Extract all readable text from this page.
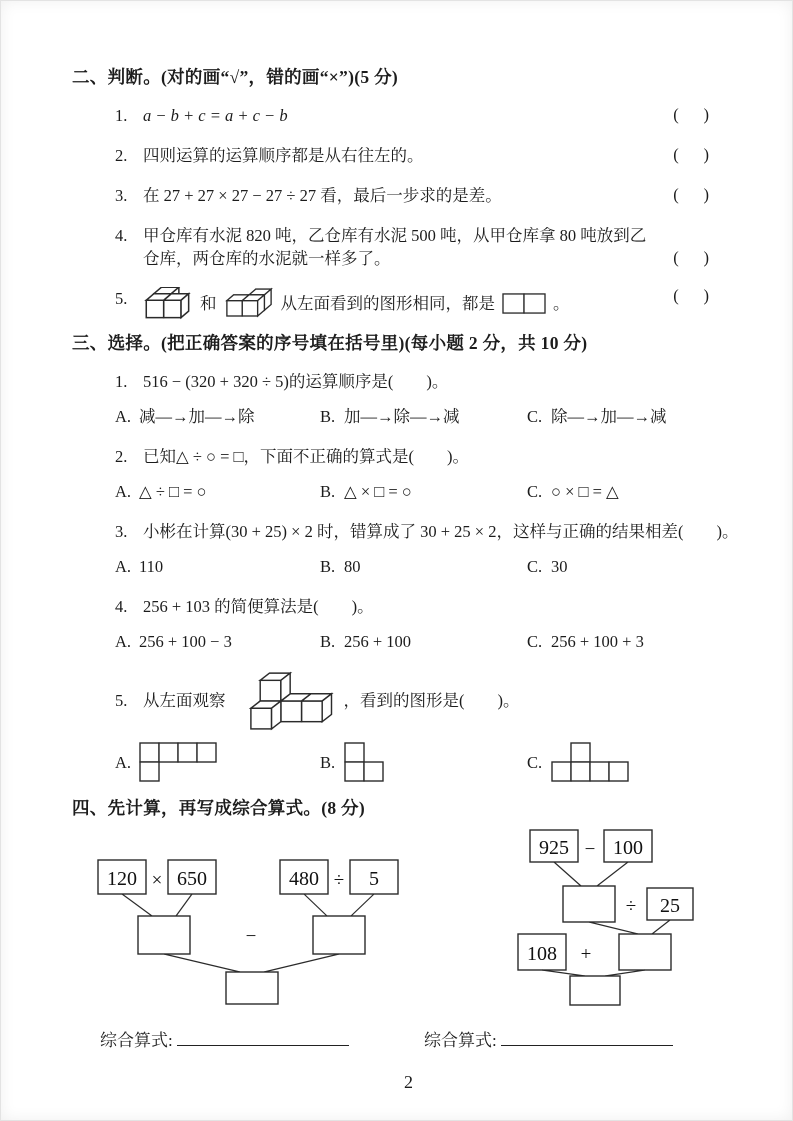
二、判断。(对的画“√”，错的画“×”)(5 分)
1. a − b + c = a + c − b	(      )
2. 四则运算的运算顺序都是从右往左的。	(      )
3. 在 27 + 27 × 27 − 27 ÷ 27 看，最后一步求的是差。	(      )
4. 甲仓库有水泥 820 吨，乙仓库有水泥 500 吨，从甲仓库拿 80 吨放到乙仓库，两仓库的水泥就一样多了。	(      )
5.	和	从左面看到的图形相同，都是	。	(      )
三、选择。(把正确答案的序号填在括号里)(每小题 2 分，共 10 分)
1. 516 − (320 + 320 ÷ 5)的运算顺序是(　　)。
A. 减—→加—→除	B. 加—→除—→减	C. 除—→加—→减
2. 已知△ ÷ ○ = □，下面不正确的算式是(　　)。
A. △ ÷ □ = ○	B. △ × □ = ○	C. ○ × □ = △
3. 小彬在计算(30 + 25) × 2 时，错算成了 30 + 25 × 2，这样与正确的结果相差(　　)。
A. 110	B. 80	C. 30
4. 256 + 103 的简便算法是(　　)。
A. 256 + 100 − 3	B. 256 + 100	C. 256 + 100 + 3
5. 从左面观察	，看到的图形是(　　)。
A.	B.	C.
四、先计算，再写成综合算式。(8 分)
120 × 650	480 ÷ 5
−
925 − 100
÷ 25
108 +
综合算式:	综合算式:
2
